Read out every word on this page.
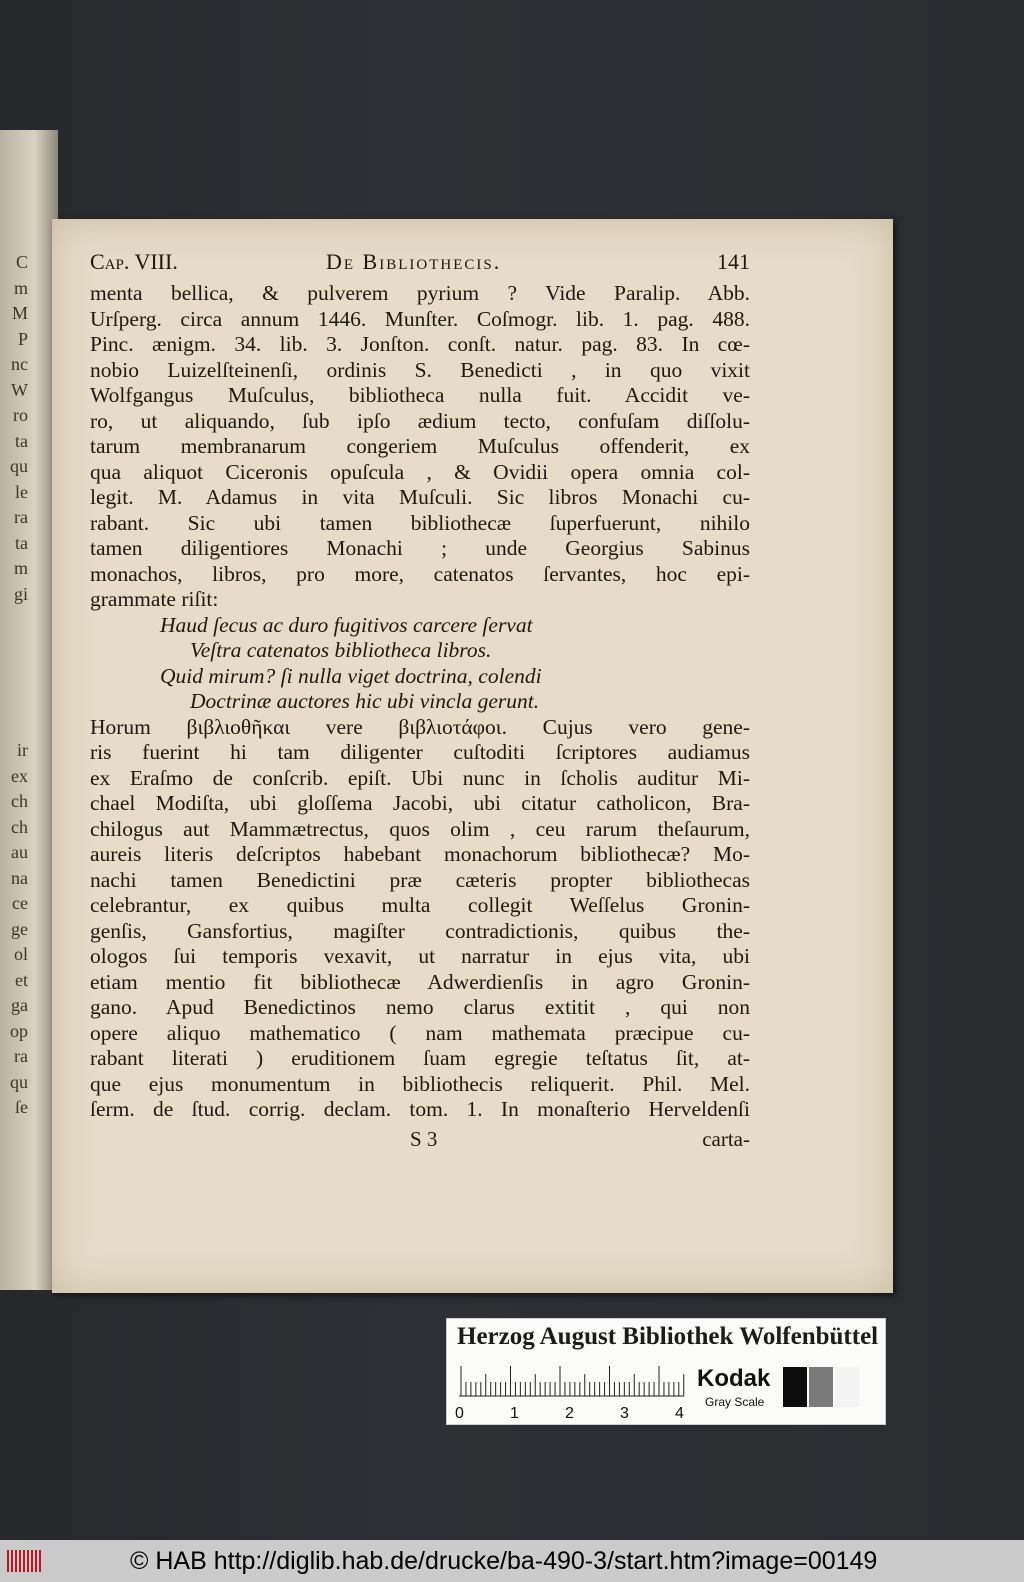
C
m
M
P
nc
W
ro
ta
qu
le
ra
ta
m
gi
ir
ex
ch
ch
au
na
ce
ge
ol
et
ga
op
ra
qu
ſe
Cap. VIII.	De Bibliothecis.	141
menta bellica, & pulverem pyrium ? Vide Paralip. Abb.
Urſperg. circa annum 1446. Munſter. Coſmogr. lib. 1. pag. 488.
Pinc. ænigm. 34. lib. 3. Jonſton. conſt. natur. pag. 83. In cœ-
nobio Luizelſteinenſi, ordinis S. Benedicti , in quo vixit
Wolfgangus Muſculus, bibliotheca nulla fuit. Accidit ve-
ro, ut aliquando, ſub ipſo ædium tecto, confuſam diſſolu-
tarum membranarum congeriem Muſculus offenderit, ex
qua aliquot Ciceronis opuſcula , & Ovidii opera omnia col-
legit. M. Adamus in vita Muſculi. Sic libros Monachi cu-
rabant. Sic ubi tamen bibliothecæ ſuperfuerunt, nihilo
tamen diligentiores Monachi ; unde Georgius Sabinus
monachos, libros, pro more, catenatos ſervantes, hoc epi-
grammate riſit:
Haud ſecus ac duro fugitivos carcere ſervat
Veſtra catenatos bibliotheca libros.
Quid mirum? ſi nulla viget doctrina, colendi
Doctrinæ auctores hic ubi vincla gerunt.
Horum βιβλιοθῆκαι vere βιβλιοτάφοι. Cujus vero gene-
ris fuerint hi tam diligenter cuſtoditi ſcriptores audiamus
ex Eraſmo de conſcrib. epiſt. Ubi nunc in ſcholis auditur Mi-
chael Modiſta, ubi gloſſema Jacobi, ubi citatur catholicon, Bra-
chilogus aut Mammætrectus, quos olim , ceu rarum theſaurum,
aureis literis deſcriptos habebant monachorum bibliothecæ? Mo-
nachi tamen Benedictini præ cæteris propter bibliothecas
celebrantur, ex quibus multa collegit Weſſelus Gronin-
genſis, Gansfortius, magiſter contradictionis, quibus the-
ologos ſui temporis vexavit, ut narratur in ejus vita, ubi
etiam mentio fit bibliothecæ Adwerdienſis in agro Gronin-
gano. Apud Benedictinos nemo clarus extitit , qui non
opere aliquo mathematico ( nam mathemata præcipue cu-
rabant literati ) eruditionem ſuam egregie teſtatus ſit, at-
que ejus monumentum in bibliothecis reliquerit. Phil. Mel.
ſerm. de ſtud. corrig. declam. tom. 1. In monaſterio Herveldenſi
S 3	carta-
Herzog August Bibliothek Wolfenbüttel
0	1	2	3	4
Kodak
Gray Scale
© HAB http://diglib.hab.de/drucke/ba-490-3/start.htm?image=00149
